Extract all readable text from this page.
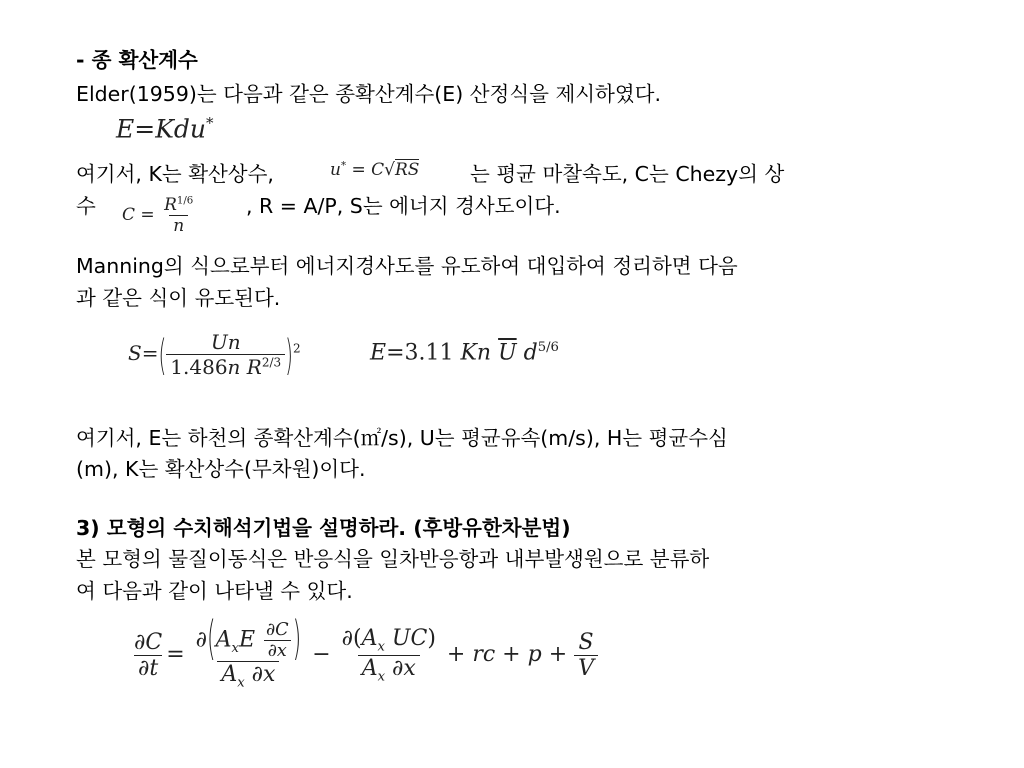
- 종 확산계수
Elder(1959)는 다음과 같은 종확산계수(E) 산정식을 제시하였다.
E=Kdu*
여기서, K는 확산상수,	u* = C√RS 는 평균 마찰속도, C는 Chezy의 상
수 $C = \frac{R^{1/6}}{n}$ , R = A/P, S는 에너지 경사도이다.
Manning의 식으로부터 에너지경사도를 유도하여 대입하여 정리하면 다음
과 같은 식이 유도된다.
$S=( \frac{Un}{1.486n R^{2/3}} )^2$	E=3.11 Kn $\overline{U}$ $d^{5/6}$
여기서, E는 하천의 종확산계수(㎡/s), U는 평균유속(m/s), H는 평균수심
(m), K는 확산상수(무차원)이다.
3) 모형의 수치해석기법을 설명하라. (후방유한차분법)
본 모형의 물질이동식은 반응식을 일차반응항과 내부발생원으로 분류하
여 다음과 같이 나타낼 수 있다.
$\frac{\partial C}{\partial t} = \frac{\partial(A_xE \frac{\partial C}{\partial x} )}{A_x \partial x} - \frac{\partial(A_x UC)}{A_x \partial x}$ + rc + $p + \frac{S}{V}$
